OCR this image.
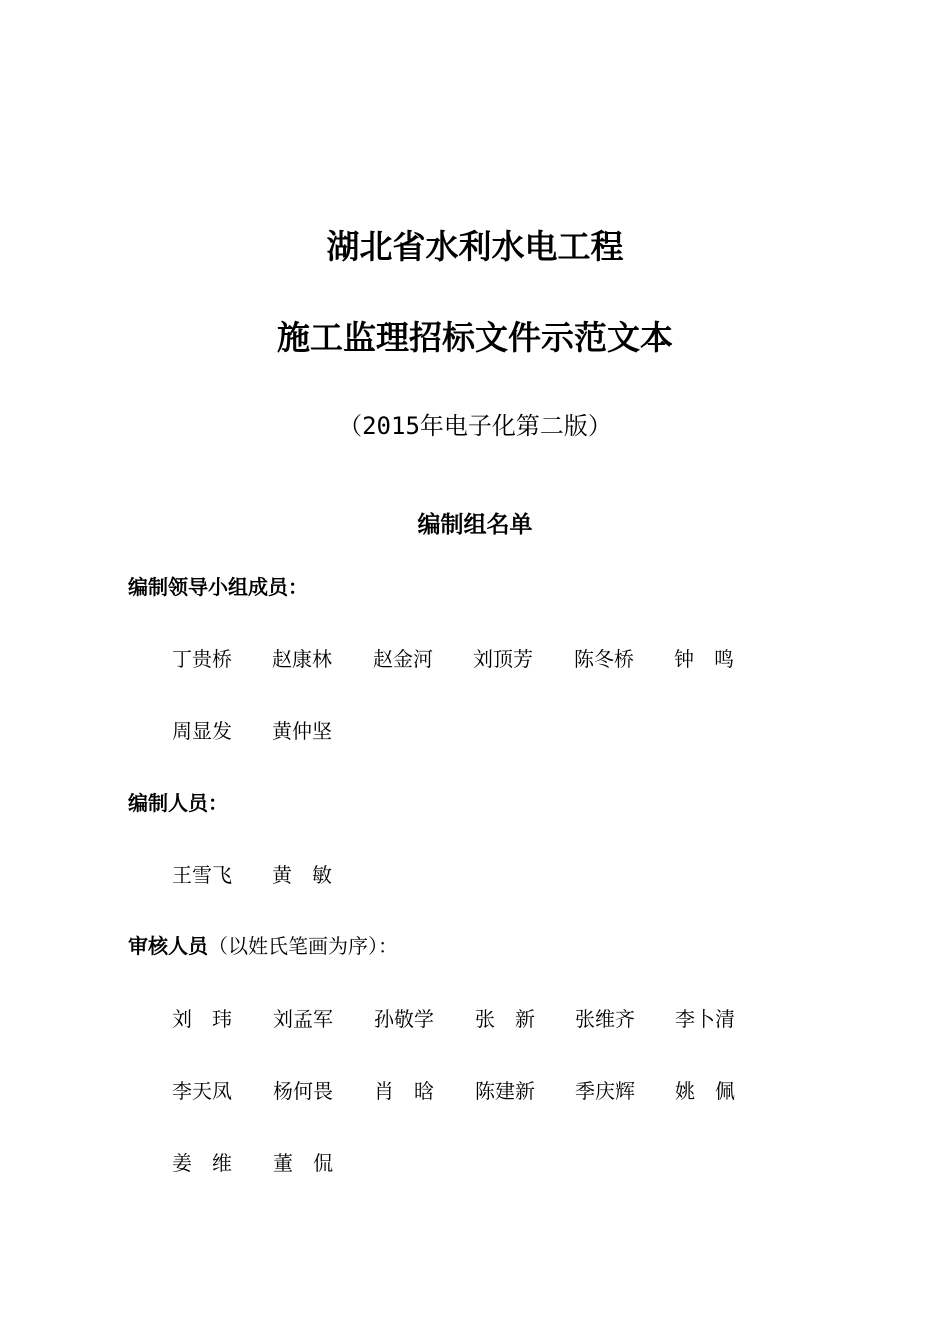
湖北省水利水电工程
施工监理招标文件示范文本
（2015年电子化第二版）
编制组名单
编制领导小组成员：
丁贵桥 赵康林 赵金河 刘顶芳 陈冬桥 钟　鸣
周显发 黄仲坚
编制人员：
王雪飞 黄　敏
审核人员（以姓氏笔画为序）：
刘　玮 刘孟军 孙敬学 张　新 张维齐 李卜清
李天凤 杨何畏 肖　晗 陈建新 季庆辉 姚　佩
姜　维 董　侃
